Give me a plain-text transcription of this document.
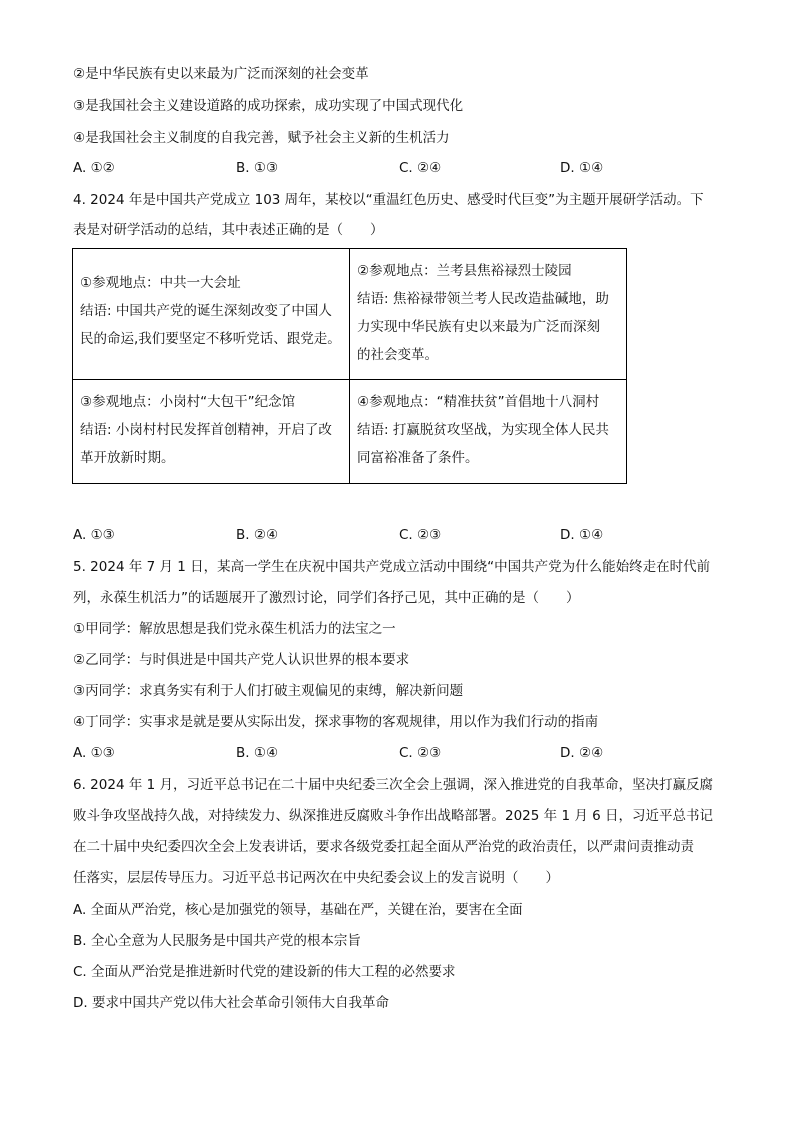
②是中华民族有史以来最为广泛而深刻的社会变革
③是我国社会主义建设道路的成功探索，成功实现了中国式现代化
④是我国社会主义制度的自我完善，赋予社会主义新的生机活力
A. ①②	B. ①③	C. ②④	D. ①④
4. 2024 年是中国共产党成立 103 周年，某校以“重温红色历史、感受时代巨变”为主题开展研学活动。下
表是对研学活动的总结，其中表述正确的是（　　）
①参观地点：中共一大会址
结语: 中国共产党的诞生深刻改变了中国人
民的命运,我们要坚定不移听党话、跟党走。	②参观地点：兰考县焦裕禄烈士陵园
结语: 焦裕禄带领兰考人民改造盐碱地，助
力实现中华民族有史以来最为广泛而深刻
的社会变革。

③参观地点：小岗村“大包干”纪念馆
结语: 小岗村村民发挥首创精神，开启了改
革开放新时期。	④参观地点：“精准扶贫”首倡地十八洞村
结语: 打赢脱贫攻坚战，为实现全体人民共
同富裕准备了条件。
A. ①③	B. ②④	C. ②③	D. ①④
5. 2024 年 7 月 1 日，某高一学生在庆祝中国共产党成立活动中围绕“中国共产党为什么能始终走在时代前
列，永葆生机活力”的话题展开了激烈讨论，同学们各抒己见，其中正确的是（　　）
①甲同学：解放思想是我们党永葆生机活力的法宝之一
②乙同学：与时俱进是中国共产党人认识世界的根本要求
③丙同学：求真务实有利于人们打破主观偏见的束缚，解决新问题
④丁同学：实事求是就是要从实际出发，探求事物的客观规律，用以作为我们行动的指南
A. ①③	B. ①④	C. ②③	D. ②④
6. 2024 年 1 月，习近平总书记在二十届中央纪委三次全会上强调，深入推进党的自我革命，坚决打赢反腐
败斗争攻坚战持久战，对持续发力、纵深推进反腐败斗争作出战略部署。2025 年 1 月 6 日，习近平总书记
在二十届中央纪委四次全会上发表讲话，要求各级党委扛起全面从严治党的政治责任，以严肃问责推动责
任落实，层层传导压力。习近平总书记两次在中央纪委会议上的发言说明（　　）
A. 全面从严治党，核心是加强党的领导，基础在严，关键在治，要害在全面
B. 全心全意为人民服务是中国共产党的根本宗旨
C. 全面从严治党是推进新时代党的建设新的伟大工程的必然要求
D. 要求中国共产党以伟大社会革命引领伟大自我革命
